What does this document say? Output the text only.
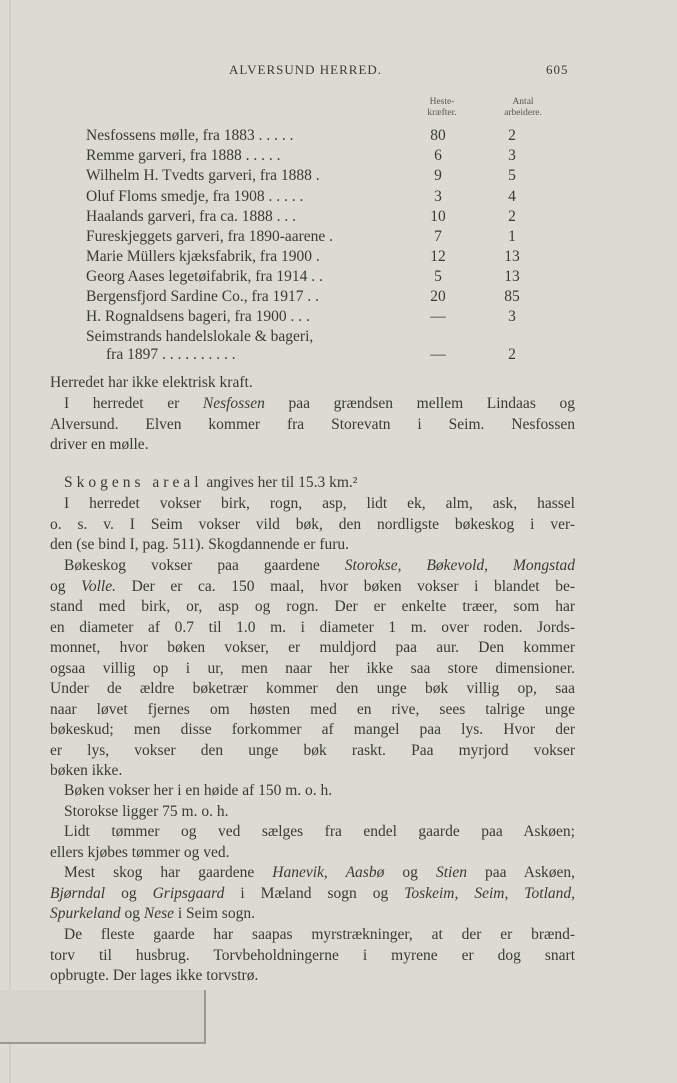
ALVERSUND HERRED.	605
Heste-
kræfter.
Antal
arbeidere.
Nesfossens mølle, fra 1883 . . . . .	80	2
Remme garveri, fra 1888 . . . . .	6	3
Wilhelm H. Tvedts garveri, fra 1888 .	9	5
Oluf Floms smedje, fra 1908 . . . . .	3	4
Haalands garveri, fra ca. 1888 . . .	10	2
Fureskjeggets garveri, fra 1890-aarene .	7	1
Marie Müllers kjæksfabrik, fra 1900 .	12	13
Georg Aases legetøifabrik, fra 1914 . .	5	13
Bergensfjord Sardine Co., fra 1917 . .	20	85
H. Rognaldsens bageri, fra 1900 . . .	—	3
Seimstrands handelslokale & bageri,
fra 1897 . . . . . . . . . .	—	2
Herredet har ikke elektrisk kraft.
I herredet er Nesfossen paa grændsen mellem Lindaas og
Alversund. Elven kommer fra Storevatn i Seim. Nesfossen
driver en mølle.
Skogens areal angives her til 15.3 km.²
I herredet vokser birk, rogn, asp, lidt ek, alm, ask, hassel
o. s. v. I Seim vokser vild bøk, den nordligste bøkeskog i ver-
den (se bind I, pag. 511). Skogdannende er furu.
Bøkeskog vokser paa gaardene Storokse, Bøkevold, Mongstad
og Volle. Der er ca. 150 maal, hvor bøken vokser i blandet be-
stand med birk, or, asp og rogn. Der er enkelte træer, som har
en diameter af 0.7 til 1.0 m. i diameter 1 m. over roden. Jords-
monnet, hvor bøken vokser, er muldjord paa aur. Den kommer
ogsaa villig op i ur, men naar her ikke saa store dimensioner.
Under de ældre bøketrær kommer den unge bøk villig op, saa
naar løvet fjernes om høsten med en rive, sees talrige unge
bøkeskud; men disse forkommer af mangel paa lys. Hvor der
er lys, vokser den unge bøk raskt. Paa myrjord vokser
bøken ikke.
Bøken vokser her i en høide af 150 m. o. h.
Storokse ligger 75 m. o. h.
Lidt tømmer og ved sælges fra endel gaarde paa Askøen;
ellers kjøbes tømmer og ved.
Mest skog har gaardene Hanevik, Aasbø og Stien paa Askøen,
Bjørndal og Gripsgaard i Mæland sogn og Toskeim, Seim, Totland,
Spurkeland og Nese i Seim sogn.
De fleste gaarde har saapas myrstrækninger, at der er brænd-
torv til husbrug. Torvbeholdningerne i myrene er dog snart
opbrugte. Der lages ikke torvstrø.
